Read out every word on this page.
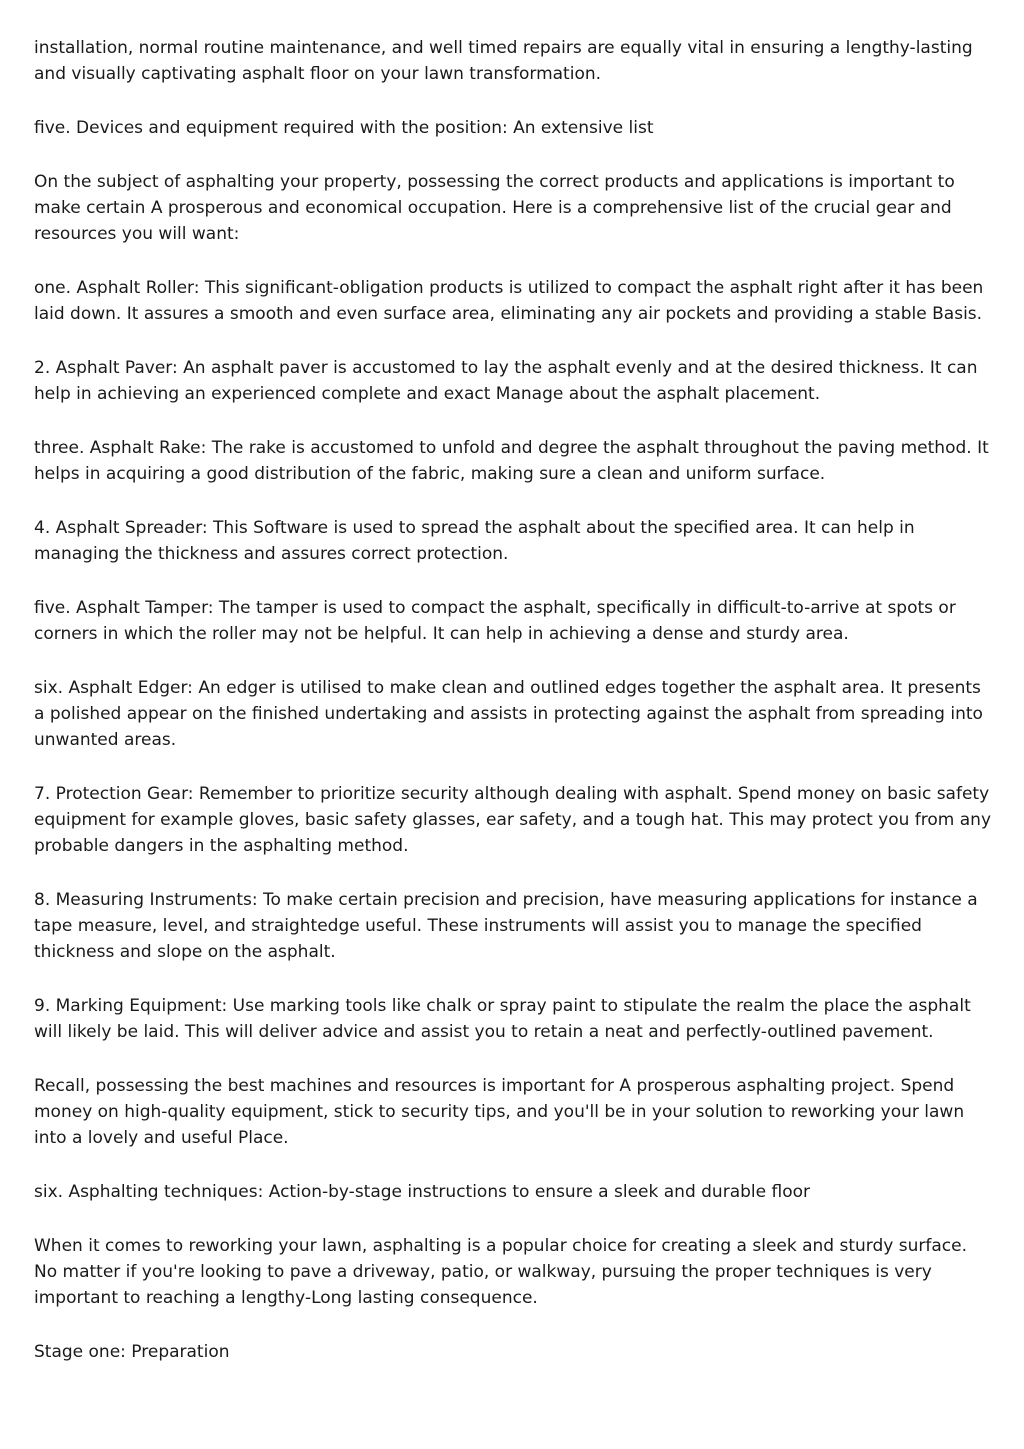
installation, normal routine maintenance, and well timed repairs are equally vital in ensuring a lengthy-lasting and visually captivating asphalt floor on your lawn transformation.

five. Devices and equipment required with the position: An extensive list

On the subject of asphalting your property, possessing the correct products and applications is important to make certain A prosperous and economical occupation. Here is a comprehensive list of the crucial gear and resources you will want:

one. Asphalt Roller: This significant-obligation products is utilized to compact the asphalt right after it has been laid down. It assures a smooth and even surface area, eliminating any air pockets and providing a stable Basis.

2. Asphalt Paver: An asphalt paver is accustomed to lay the asphalt evenly and at the desired thickness. It can help in achieving an experienced complete and exact Manage about the asphalt placement.

three. Asphalt Rake: The rake is accustomed to unfold and degree the asphalt throughout the paving method. It helps in acquiring a good distribution of the fabric, making sure a clean and uniform surface.

4. Asphalt Spreader: This Software is used to spread the asphalt about the specified area. It can help in managing the thickness and assures correct protection.

five. Asphalt Tamper: The tamper is used to compact the asphalt, specifically in difficult-to-arrive at spots or corners in which the roller may not be helpful. It can help in achieving a dense and sturdy area.

six. Asphalt Edger: An edger is utilised to make clean and outlined edges together the asphalt area. It presents a polished appear on the finished undertaking and assists in protecting against the asphalt from spreading into unwanted areas.

7. Protection Gear: Remember to prioritize security although dealing with asphalt. Spend money on basic safety equipment for example gloves, basic safety glasses, ear safety, and a tough hat. This may protect you from any probable dangers in the asphalting method.

8. Measuring Instruments: To make certain precision and precision, have measuring applications for instance a tape measure, level, and straightedge useful. These instruments will assist you to manage the specified thickness and slope on the asphalt.

9. Marking Equipment: Use marking tools like chalk or spray paint to stipulate the realm the place the asphalt will likely be laid. This will deliver advice and assist you to retain a neat and perfectly-outlined pavement.

Recall, possessing the best machines and resources is important for A prosperous asphalting project. Spend money on high-quality equipment, stick to security tips, and you'll be in your solution to reworking your lawn into a lovely and useful Place.

six. Asphalting techniques: Action-by-stage instructions to ensure a sleek and durable floor

When it comes to reworking your lawn, asphalting is a popular choice for creating a sleek and sturdy surface. No matter if you're looking to pave a driveway, patio, or walkway, pursuing the proper techniques is very important to reaching a lengthy-Long lasting consequence.

Stage one: Preparation
